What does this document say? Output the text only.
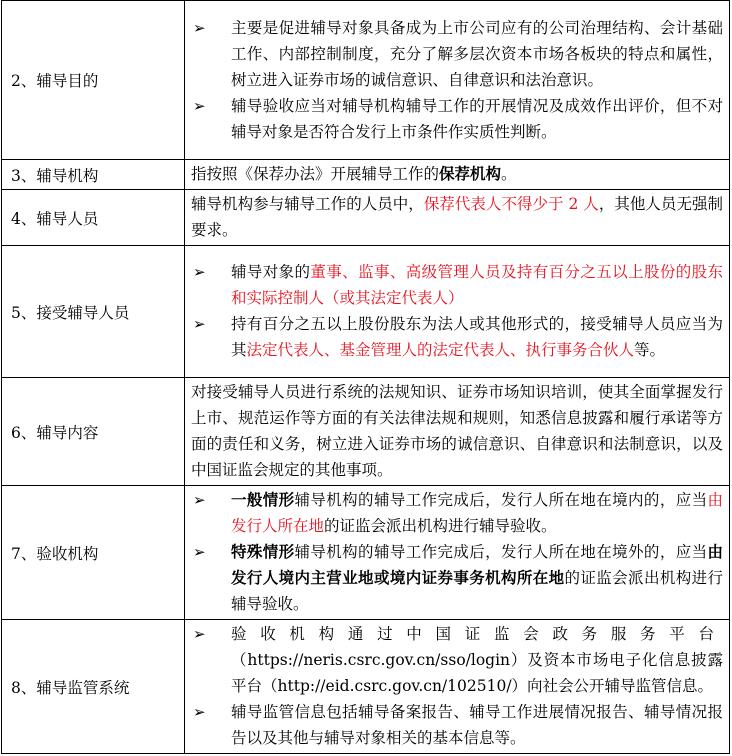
2、辅导目的	➢ 主要是促进辅导对象具备成为上市公司应有的公司治理结构、会计基础工作、内部控制制度，充分了解多层次资本市场各板块的特点和属性，树立进入证券市场的诚信意识、自律意识和法治意识。
➢ 辅导验收应当对辅导机构辅导工作的开展情况及成效作出评价，但不对辅导对象是否符合发行上市条件作实质性判断。

3、辅导机构	指按照《保荐办法》开展辅导工作的保荐机构。

4、辅导人员	辅导机构参与辅导工作的人员中，保荐代表人不得少于 2 人，其他人员无强制要求。

5、接受辅导人员	➢ 辅导对象的董事、监事、高级管理人员及持有百分之五以上股份的股东和实际控制人（或其法定代表人）
➢ 持有百分之五以上股份股东为法人或其他形式的，接受辅导人员应当为其法定代表人、基金管理人的法定代表人、执行事务合伙人等。

6、辅导内容	对接受辅导人员进行系统的法规知识、证券市场知识培训，使其全面掌握发行上市、规范运作等方面的有关法律法规和规则，知悉信息披露和履行承诺等方面的责任和义务，树立进入证券市场的诚信意识、自律意识和法制意识，以及中国证监会规定的其他事项。

7、验收机构	➢ 一般情形辅导机构的辅导工作完成后，发行人所在地在境内的，应当由发行人所在地的证监会派出机构进行辅导验收。
➢ 特殊情形辅导机构的辅导工作完成后，发行人所在地在境外的，应当由发行人境内主营业地或境内证券事务机构所在地的证监会派出机构进行辅导验收。

8、辅导监管系统	➢ 验收机构通过中国证监会政务服务平台（https://neris.csrc.gov.cn/sso/login）及资本市场电子化信息披露平台（http://eid.csrc.gov.cn/102510/）向社会公开辅导监管信息。
➢ 辅导监管信息包括辅导备案报告、辅导工作进展情况报告、辅导情况报告以及其他与辅导对象相关的基本信息等。
